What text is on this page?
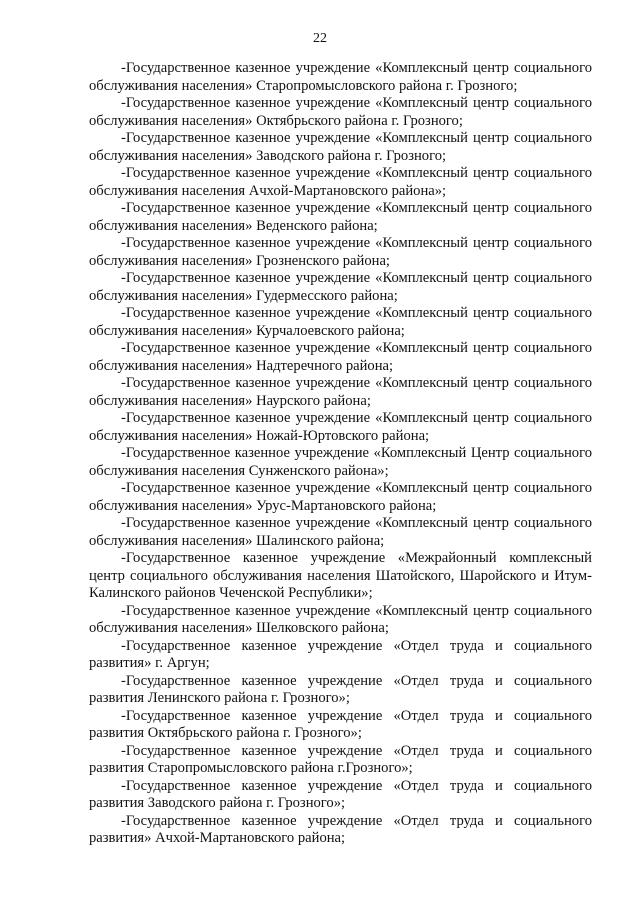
22

-Государственное казенное учреждение «Комплексный центр социального обслуживания населения» Старопромысловского района г. Грозного;

-Государственное казенное учреждение «Комплексный центр социального обслуживания населения» Октябрьского района г. Грозного;

-Государственное казенное учреждение «Комплексный центр социального обслуживания населения» Заводского района г. Грозного;

-Государственное казенное учреждение «Комплексный центр социального обслуживания населения Ачхой-Мартановского района»;

-Государственное казенное учреждение «Комплексный центр социального обслуживания населения» Веденского района;

-Государственное казенное учреждение «Комплексный центр социального обслуживания населения» Грозненского района;

-Государственное казенное учреждение «Комплексный центр социального обслуживания населения» Гудермесского района;

-Государственное казенное учреждение «Комплексный центр социального обслуживания населения» Курчалоевского района;

-Государственное казенное учреждение «Комплексный центр социального обслуживания населения» Надтеречного района;

-Государственное казенное учреждение «Комплексный центр социального обслуживания населения» Наурского района;

-Государственное казенное учреждение «Комплексный центр социального обслуживания населения» Ножай-Юртовского района;

-Государственное казенное учреждение «Комплексный Центр социального обслуживания населения Сунженского района»;

-Государственное казенное учреждение «Комплексный центр социального обслуживания населения» Урус-Мартановского района;

-Государственное казенное учреждение «Комплексный центр социального обслуживания населения» Шалинского района;

-Государственное казенное учреждение «Межрайонный комплексный центр социального обслуживания населения Шатойского, Шаройского и Итум-Калинского районов Чеченской Республики»;

-Государственное казенное учреждение «Комплексный центр социального обслуживания населения» Шелковского района;

-Государственное казенное учреждение «Отдел труда и социального развития» г. Аргун;

-Государственное казенное учреждение «Отдел труда и социального развития Ленинского района г. Грозного»;

-Государственное казенное учреждение «Отдел труда и социального развития Октябрьского района г. Грозного»;

-Государственное казенное учреждение «Отдел труда и социального развития Старопромысловского района г.Грозного»;

-Государственное казенное учреждение «Отдел труда и социального развития Заводского района г. Грозного»;

-Государственное казенное учреждение «Отдел труда и социального развития» Ачхой-Мартановского района;
